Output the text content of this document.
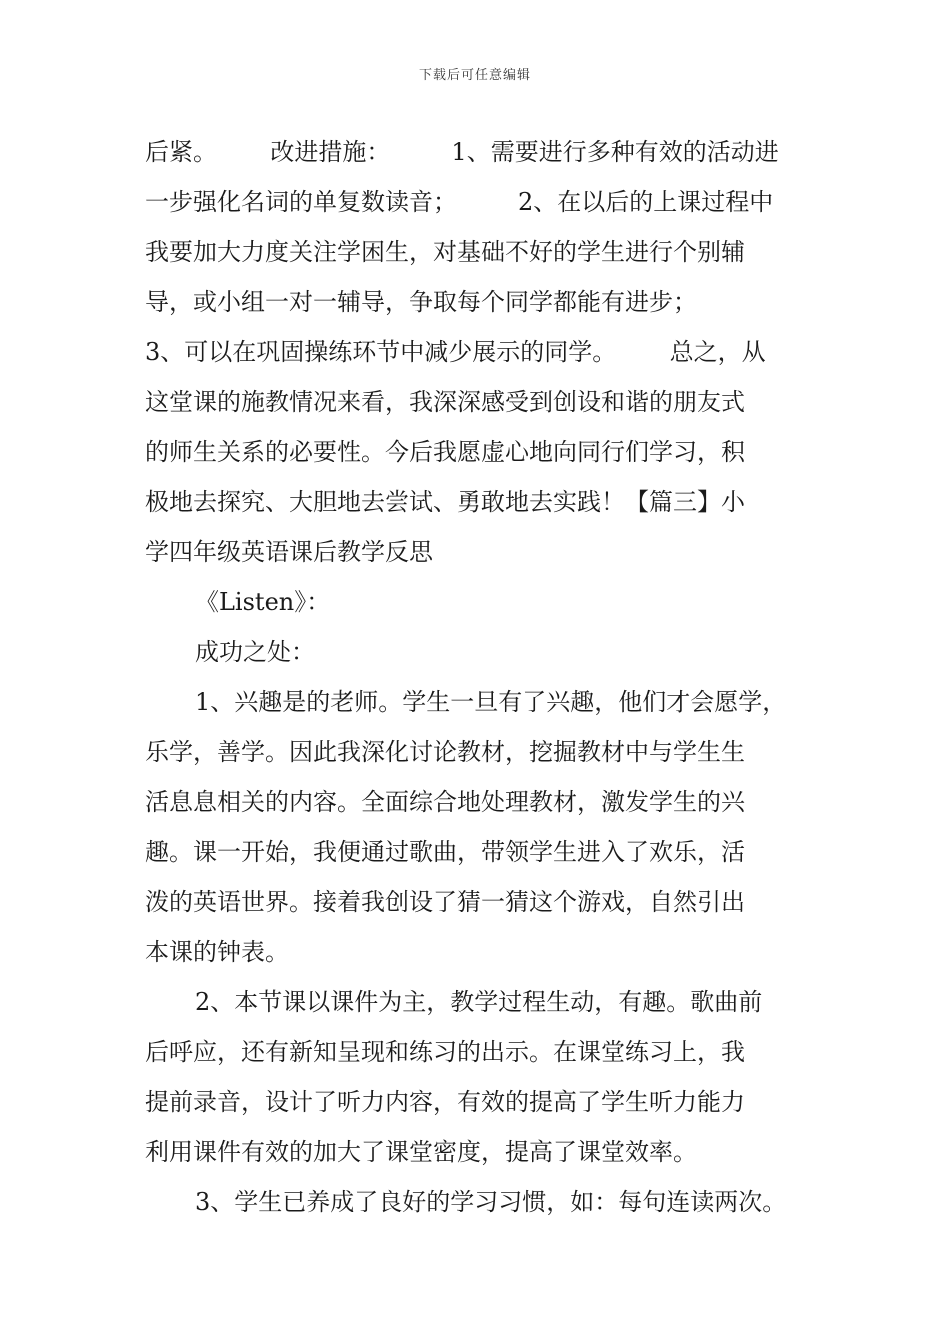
下载后可任意编辑
后紧。       改进措施：        1、需要进行多种有效的活动进
一步强化名词的单复数读音；        2、在以后的上课过程中
我要加大力度关注学困生，对基础不好的学生进行个别辅
导，或小组一对一辅导，争取每个同学都能有进步；
3、可以在巩固操练环节中减少展示的同学。       总之，从
这堂课的施教情况来看，我深深感受到创设和谐的朋友式
的师生关系的必要性。今后我愿虚心地向同行们学习，积
极地去探究、大胆地去尝试、勇敢地去实践！【篇三】小
学四年级英语课后教学反思
《Listen》：
成功之处：
1、兴趣是的老师。学生一旦有了兴趣，他们才会愿学，
乐学，善学。因此我深化讨论教材，挖掘教材中与学生生
活息息相关的内容。全面综合地处理教材，激发学生的兴
趣。课一开始，我便通过歌曲，带领学生进入了欢乐，活
泼的英语世界。接着我创设了猜一猜这个游戏，自然引出
本课的钟表。
2、本节课以课件为主，教学过程生动，有趣。歌曲前
后呼应，还有新知呈现和练习的出示。在课堂练习上，我
提前录音，设计了听力内容，有效的提高了学生听力能力
利用课件有效的加大了课堂密度，提高了课堂效率。
3、学生已养成了良好的学习习惯，如：每句连读两次。
